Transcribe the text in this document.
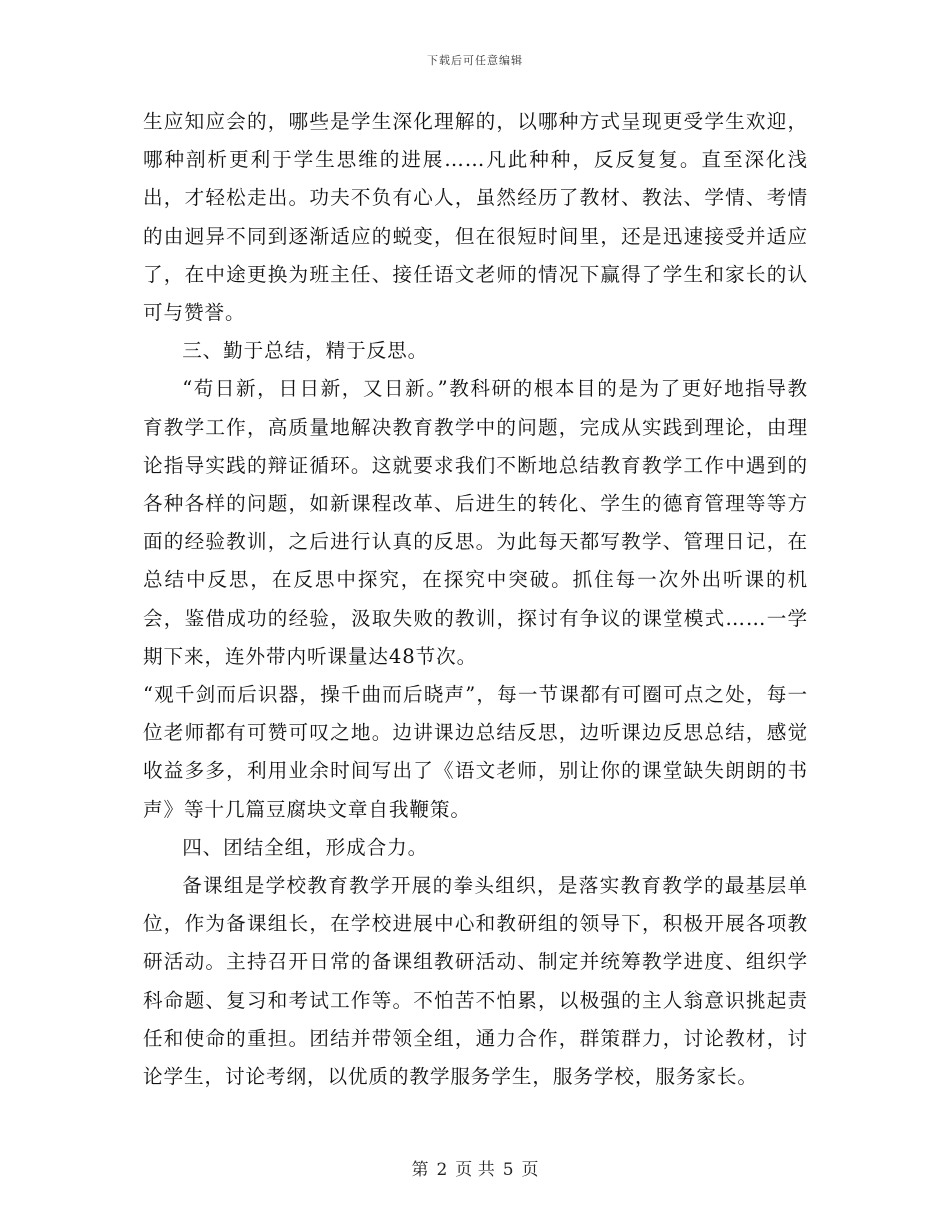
下载后可任意编辑

生应知应会的，哪些是学生深化理解的，以哪种方式呈现更受学生欢迎，哪种剖析更利于学生思维的进展……凡此种种，反反复复。直至深化浅出，才轻松走出。功夫不负有心人，虽然经历了教材、教法、学情、考情的由迥异不同到逐渐适应的蜕变，但在很短时间里，还是迅速接受并适应了，在中途更换为班主任、接任语文老师的情况下赢得了学生和家长的认可与赞誉。

三、勤于总结，精于反思。

“苟日新，日日新，又日新。”教科研的根本目的是为了更好地指导教育教学工作，高质量地解决教育教学中的问题，完成从实践到理论，由理论指导实践的辩证循环。这就要求我们不断地总结教育教学工作中遇到的各种各样的问题，如新课程改革、后进生的转化、学生的德育管理等等方面的经验教训，之后进行认真的反思。为此每天都写教学、管理日记，在总结中反思，在反思中探究，在探究中突破。抓住每一次外出听课的机会，鉴借成功的经验，汲取失败的教训，探讨有争议的课堂模式……一学期下来，连外带内听课量达48节次。

“观千剑而后识器，操千曲而后晓声”，每一节课都有可圈可点之处，每一位老师都有可赞可叹之地。边讲课边总结反思，边听课边反思总结，感觉收益多多，利用业余时间写出了《语文老师，别让你的课堂缺失朗朗的书声》等十几篇豆腐块文章自我鞭策。

四、团结全组，形成合力。

备课组是学校教育教学开展的拳头组织，是落实教育教学的最基层单位，作为备课组长，在学校进展中心和教研组的领导下，积极开展各项教研活动。主持召开日常的备课组教研活动、制定并统筹教学进度、组织学科命题、复习和考试工作等。不怕苦不怕累，以极强的主人翁意识挑起责任和使命的重担。团结并带领全组，通力合作，群策群力，讨论教材，讨论学生，讨论考纲，以优质的教学服务学生，服务学校，服务家长。

第 2 页 共 5 页
